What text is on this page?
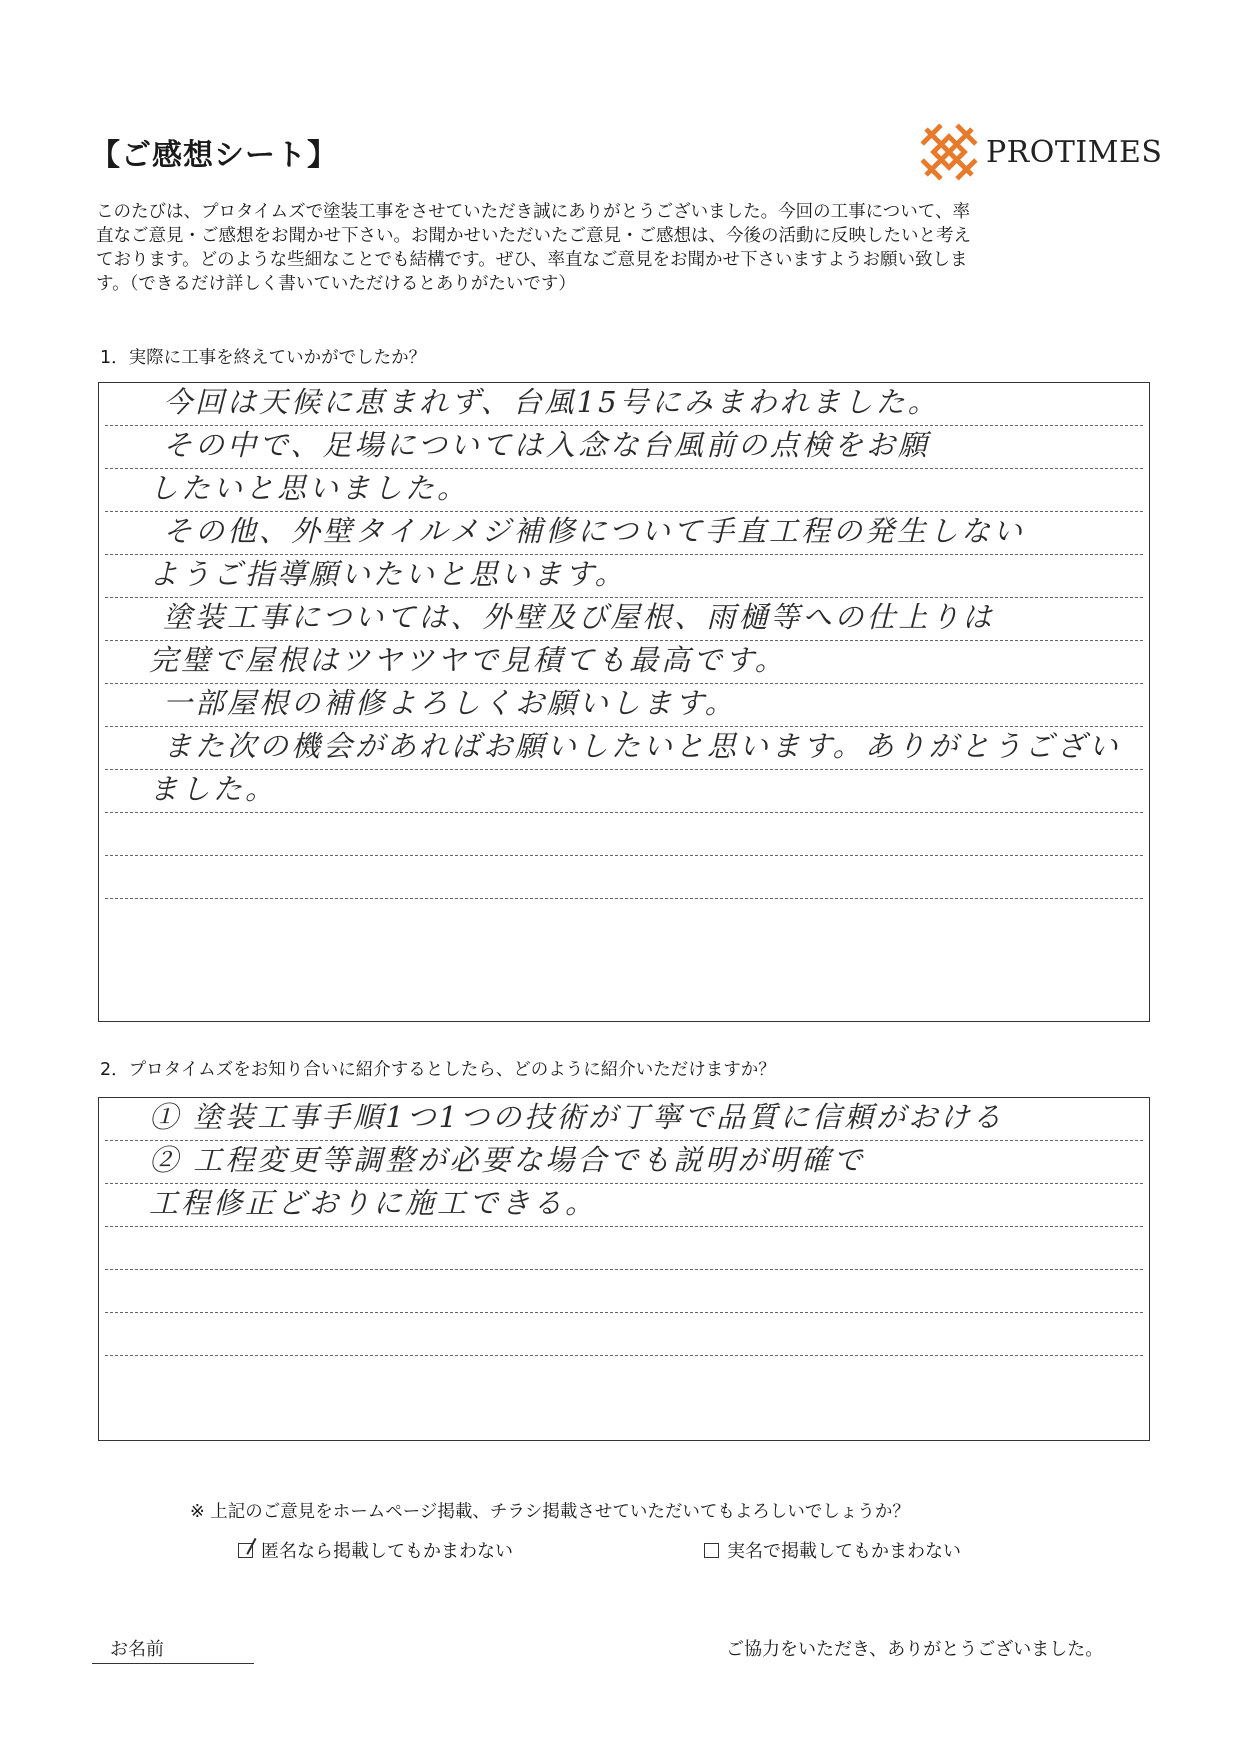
【ご感想シート】	PROTIMES
このたびは、プロタイムズで塗装工事をさせていただき誠にありがとうございました。今回の工事について、率
直なご意見・ご感想をお聞かせ下さい。お聞かせいただいたご意見・ご感想は、今後の活動に反映したいと考え
ております。どのような些細なことでも結構です。ぜひ、率直なご意見をお聞かせ下さいますようお願い致しま
す。（できるだけ詳しく書いていただけるとありがたいです）
1．実際に工事を終えていかがでしたか？
今回は天候に恵まれず、台風15号にみまわれました。
その中で、足場については入念な台風前の点検をお願
したいと思いました。
その他、外壁タイルメジ補修について手直工程の発生しない
ようご指導願いたいと思います。
塗装工事については、外壁及び屋根、雨樋等への仕上りは
完璧で屋根はツヤツヤで見積ても最高です。
一部屋根の補修よろしくお願いします。
また次の機会があればお願いしたいと思います。ありがとうござい
ました。
2．プロタイムズをお知り合いに紹介するとしたら、どのように紹介いただけますか？
① 塗装工事手順1つ1つの技術が丁寧で品質に信頼がおける
② 工程変更等調整が必要な場合でも説明が明確で
工程修正どおりに施工できる。
※ 上記のご意見をホームページ掲載、チラシ掲載させていただいてもよろしいでしょうか？
匿名なら掲載してもかまわない	実名で掲載してもかまわない
お名前	ご協力をいただき、ありがとうございました。
